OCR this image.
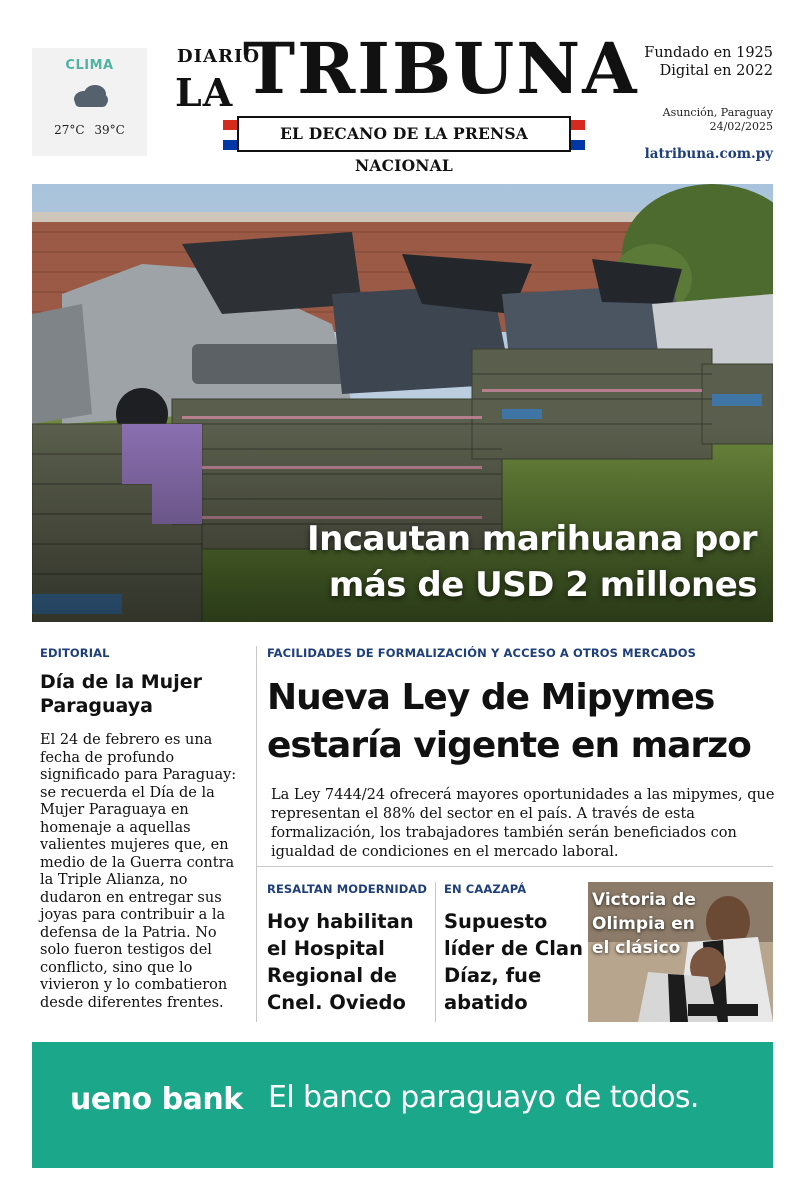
CLIMA
27°C 39°C
DIARIO
LA TRIBUNA
EL DECANO DE LA PRENSA NACIONAL
Fundado en 1925
Digital en 2022
Asunción, Paraguay
24/02/2025
latribuna.com.py
Incautan marihuana por
más de USD 2 millones
EDITORIAL
Día de la Mujer Paraguaya
El 24 de febrero es una fecha de profundo significado para Paraguay: se recuerda el Día de la Mujer Paraguaya en homenaje a aquellas valientes mujeres que, en medio de la Guerra contra la Triple Alianza, no dudaron en entregar sus joyas para contribuir a la defensa de la Patria. No solo fueron testigos del conflicto, sino que lo vivieron y lo combatieron desde diferentes frentes.
FACILIDADES DE FORMALIZACIÓN Y ACCESO A OTROS MERCADOS
Nueva Ley de Mipymes estaría vigente en marzo
La Ley 7444/24 ofrecerá mayores oportunidades a las mipymes, que representan el 88% del sector en el país. A través de esta formalización, los trabajadores también serán beneficiados con igualdad de condiciones en el mercado laboral.
RESALTAN MODERNIDAD
Hoy habilitan el Hospital Regional de Cnel. Oviedo
EN CAAZAPÁ
Supuesto líder de Clan Díaz, fue abatido
Victoria de Olimpia en el clásico
ueno bank El banco paraguayo de todos.
